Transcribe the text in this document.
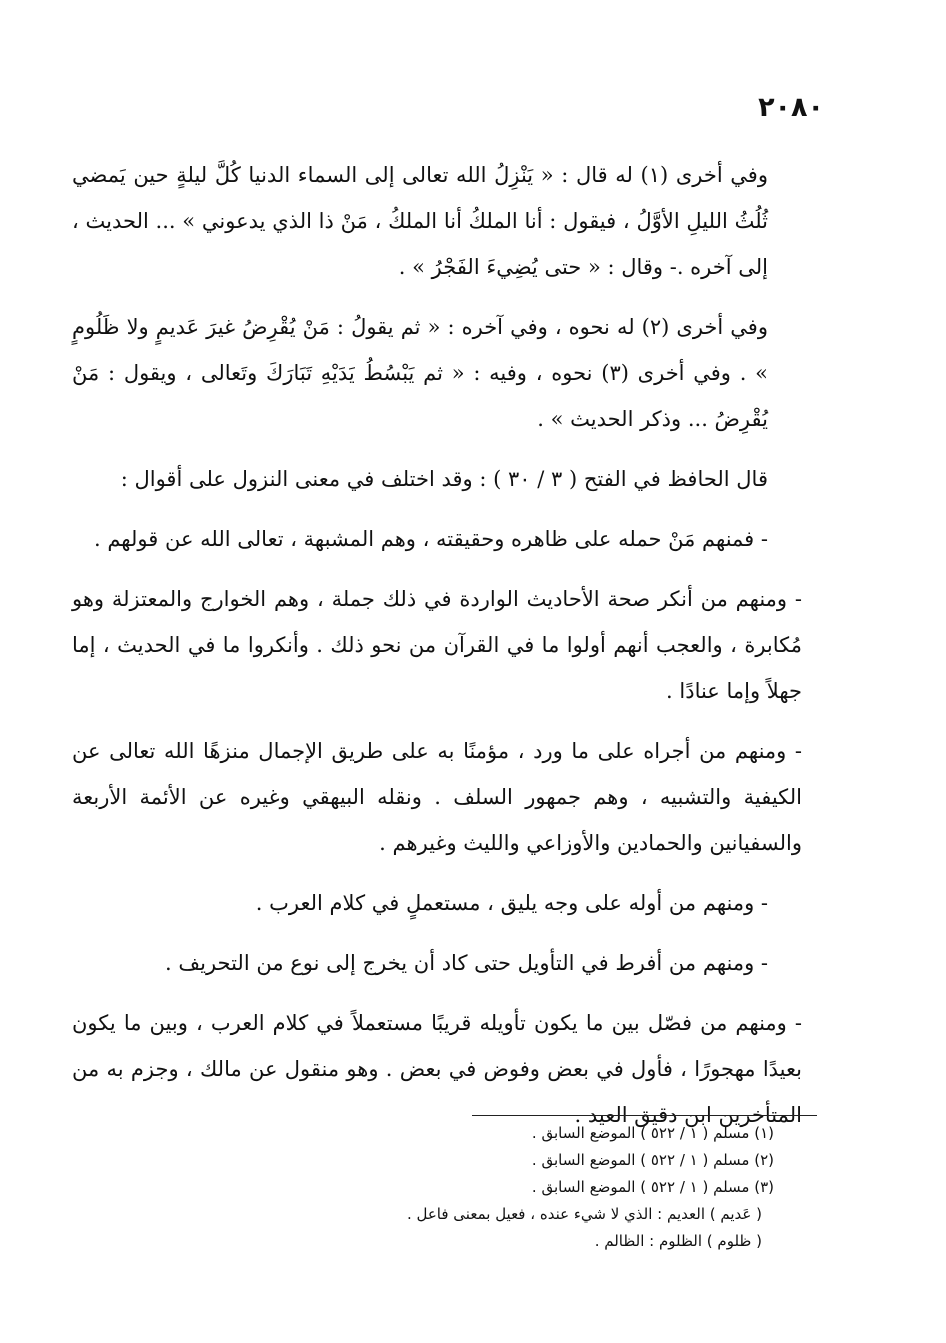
٢٠٨٠

وفي أخرى (١) له قال : « يَنْزِلُ الله تعالى إلى السماء الدنيا كُلَّ ليلةٍ حين يَمضي ثُلُثُ الليلِ الأوَّلُ ، فيقول : أنا الملكُ أنا الملكُ ، مَنْ ذا الذي يدعوني » ... الحديث ، إلى آخره .- وقال : « حتى يُضِيءَ الفَجْرُ » .

وفي أخرى (٢) له نحوه ، وفي آخره : « ثم يقولُ : مَنْ يُقْرِضُ غيرَ عَديمٍ ولا ظَلُومٍ » . وفي أخرى (٣) نحوه ، وفيه : « ثم يَبْسُطُ يَدَيْهِ تَبَارَكَ وتَعالى ، ويقول : مَنْ يُقْرِضُ ... وذكر الحديث » .

قال الحافظ في الفتح ( ٣ / ٣٠ ) : وقد اختلف في معنى النزول على أقوال :

- فمنهم مَنْ حمله على ظاهره وحقيقته ، وهم المشبهة ، تعالى الله عن قولهم .

- ومنهم من أنكر صحة الأحاديث الواردة في ذلك جملة ، وهم الخوارج والمعتزلة وهو مُكابرة ، والعجب أنهم أولوا ما في القرآن من نحو ذلك . وأنكروا ما في الحديث ، إما جهلاً وإما عنادًا .

- ومنهم من أجراه على ما ورد ، مؤمنًا به على طريق الإجمال منزهًا الله تعالى عن الكيفية والتشبيه ، وهم جمهور السلف . ونقله البيهقي وغيره عن الأئمة الأربعة والسفيانين والحمادين والأوزاعي والليث وغيرهم .

- ومنهم من أوله على وجه يليق ، مستعملٍ في كلام العرب .

- ومنهم من أفرط في التأويل حتى كاد أن يخرج إلى نوع من التحريف .

- ومنهم من فصّل بين ما يكون تأويله قريبًا مستعملاً في كلام العرب ، وبين ما يكون بعيدًا مهجورًا ، فأول في بعض وفوض في بعض . وهو منقول عن مالك ، وجزم به من المتأخرين ابن دقيق العيد .

(١) مسلم ( ١ / ٥٢٢ ) الموضع السابق .

(٢) مسلم ( ١ / ٥٢٢ ) الموضع السابق .

(٣) مسلم ( ١ / ٥٢٢ ) الموضع السابق .

( عَديم ) العديم : الذي لا شيء عنده ، فعيل بمعنى فاعل .

( ظلوم ) الظلوم : الظالم .
